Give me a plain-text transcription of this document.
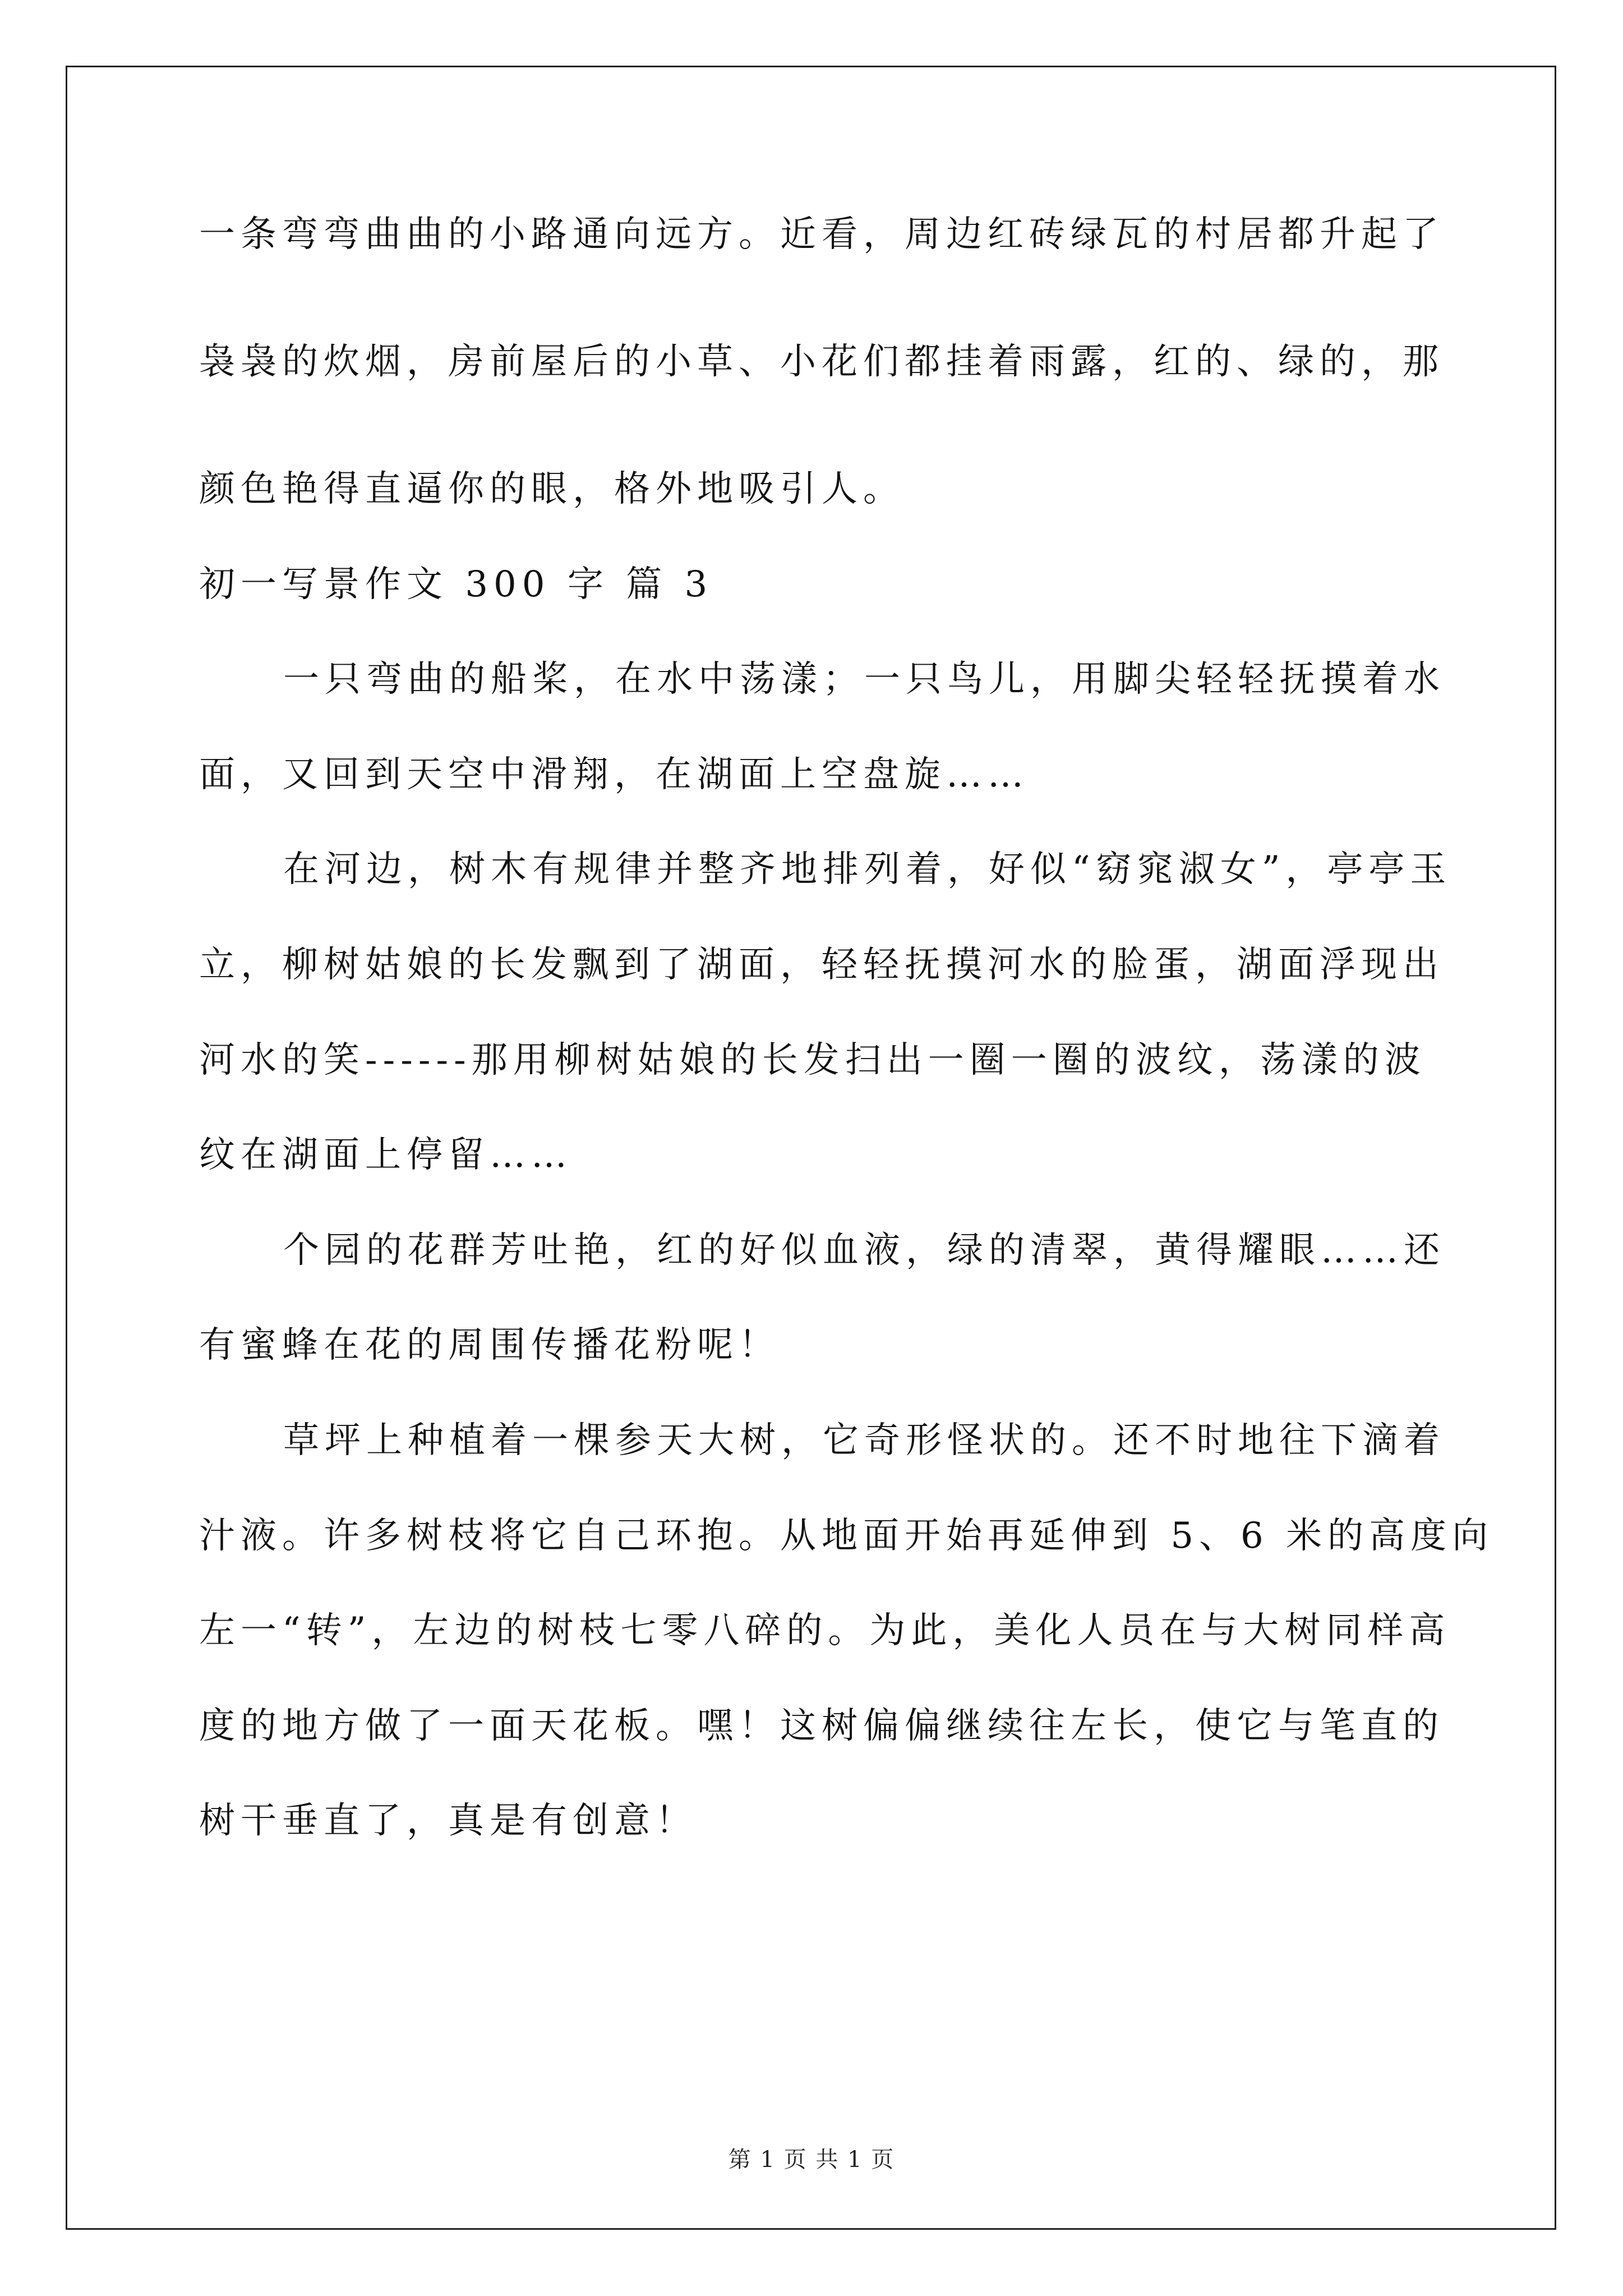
一条弯弯曲曲的小路通向远方。近看，周边红砖绿瓦的村居都升起了
袅袅的炊烟，房前屋后的小草、小花们都挂着雨露，红的、绿的，那
颜色艳得直逼你的眼，格外地吸引人。
初一写景作文 300 字 篇 3
一只弯曲的船桨，在水中荡漾；一只鸟儿，用脚尖轻轻抚摸着水
面，又回到天空中滑翔，在湖面上空盘旋……
在河边，树木有规律并整齐地排列着，好似“窈窕淑女”，亭亭玉
立，柳树姑娘的长发飘到了湖面，轻轻抚摸河水的脸蛋，湖面浮现出
河水的笑------那用柳树姑娘的长发扫出一圈一圈的波纹，荡漾的波
纹在湖面上停留……
个园的花群芳吐艳，红的好似血液，绿的清翠，黄得耀眼……还
有蜜蜂在花的周围传播花粉呢！
草坪上种植着一棵参天大树，它奇形怪状的。还不时地往下滴着
汁液。许多树枝将它自己环抱。从地面开始再延伸到 5、6 米的高度向
左一“转”，左边的树枝七零八碎的。为此，美化人员在与大树同样高
度的地方做了一面天花板。嘿！这树偏偏继续往左长，使它与笔直的
树干垂直了，真是有创意！
第 1 页 共 1 页
